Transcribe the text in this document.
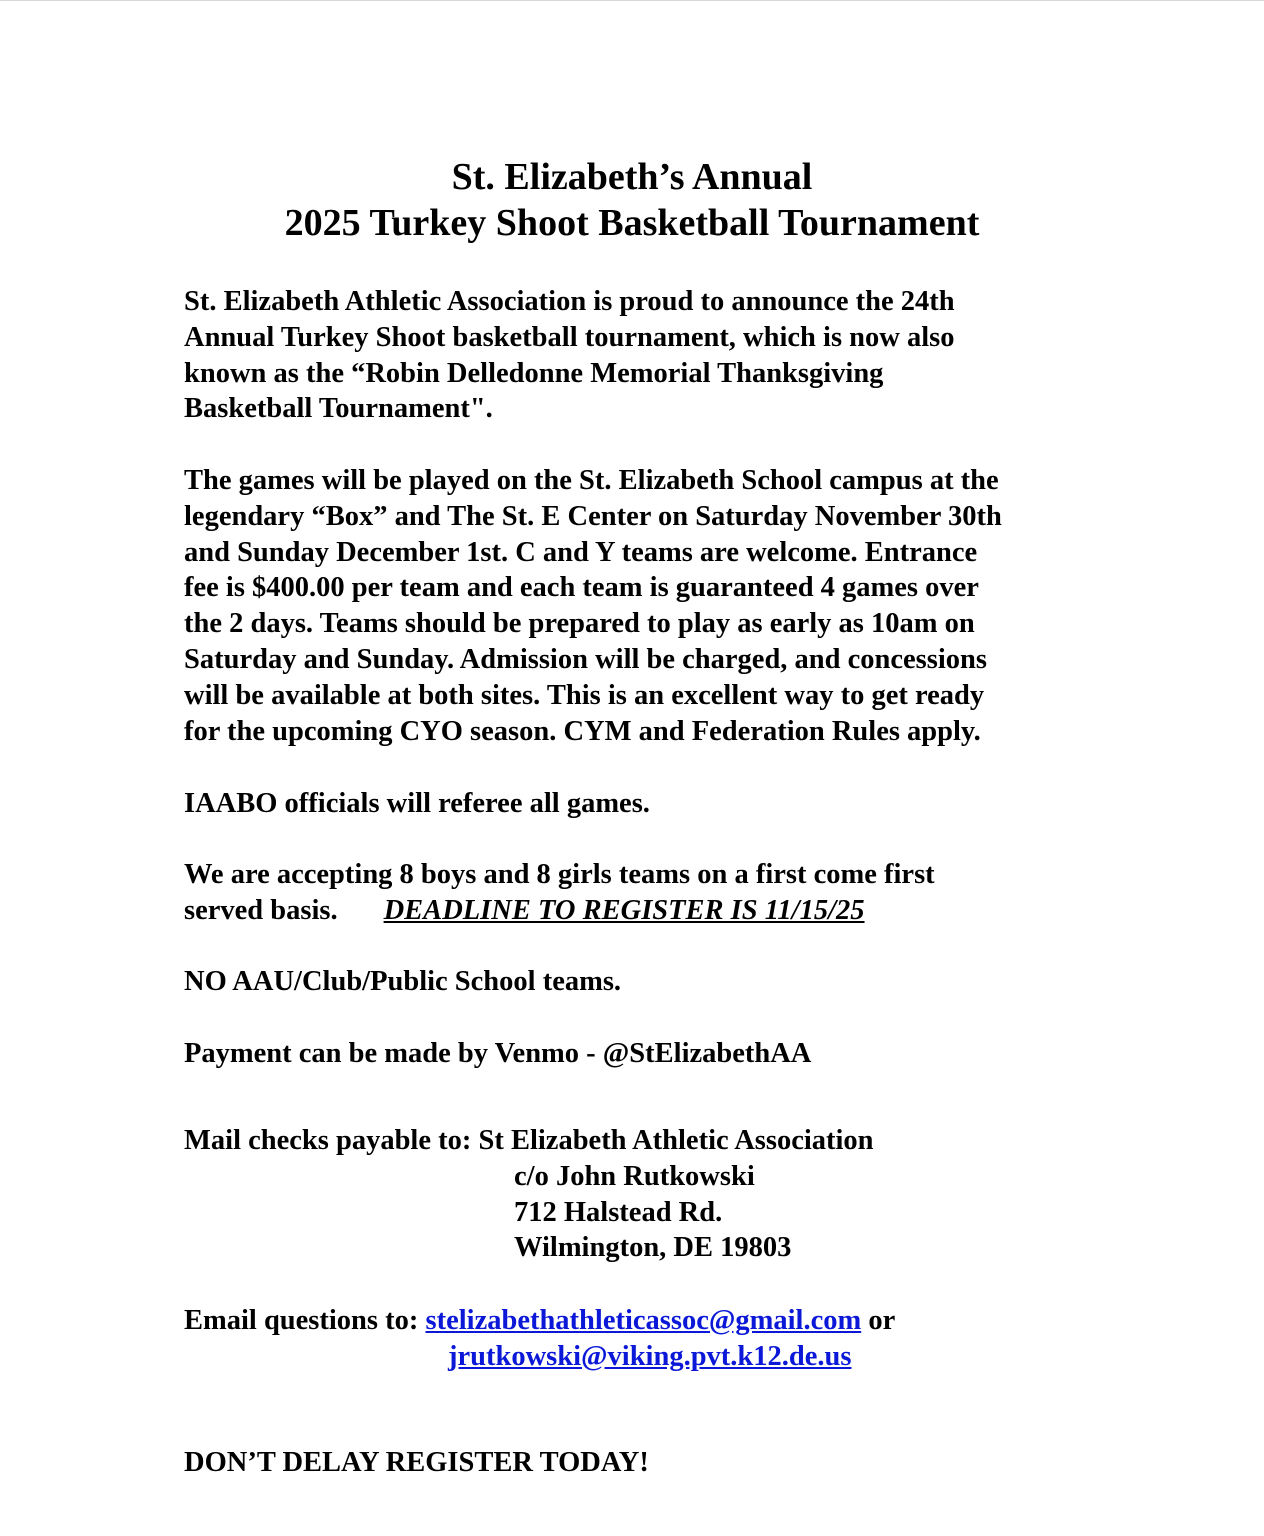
St. Elizabeth’s Annual
2025 Turkey Shoot Basketball Tournament

St. Elizabeth Athletic Association is proud to announce the 24th
Annual Turkey Shoot basketball tournament, which is now also
known as the “Robin Delledonne Memorial Thanksgiving
Basketball Tournament".

The games will be played on the St. Elizabeth School campus at the
legendary “Box” and The St. E Center on Saturday November 30th
and Sunday December 1st. C and Y teams are welcome. Entrance
fee is $400.00 per team and each team is guaranteed 4 games over
the 2 days. Teams should be prepared to play as early as 10am on
Saturday and Sunday. Admission will be charged, and concessions
will be available at both sites. This is an excellent way to get ready
for the upcoming CYO season. CYM and Federation Rules apply.

IAABO officials will referee all games.

We are accepting 8 boys and 8 girls teams on a first come first
served basis. DEADLINE TO REGISTER IS 11/15/25

NO AAU/Club/Public School teams.

Payment can be made by Venmo - @StElizabethAA

Mail checks payable to: St Elizabeth Athletic Association
c/o John Rutkowski
712 Halstead Rd.
Wilmington, DE 19803

Email questions to: stelizabethathleticassoc@gmail.com or
jrutkowski@viking.pvt.k12.de.us

DON’T DELAY REGISTER TODAY!
